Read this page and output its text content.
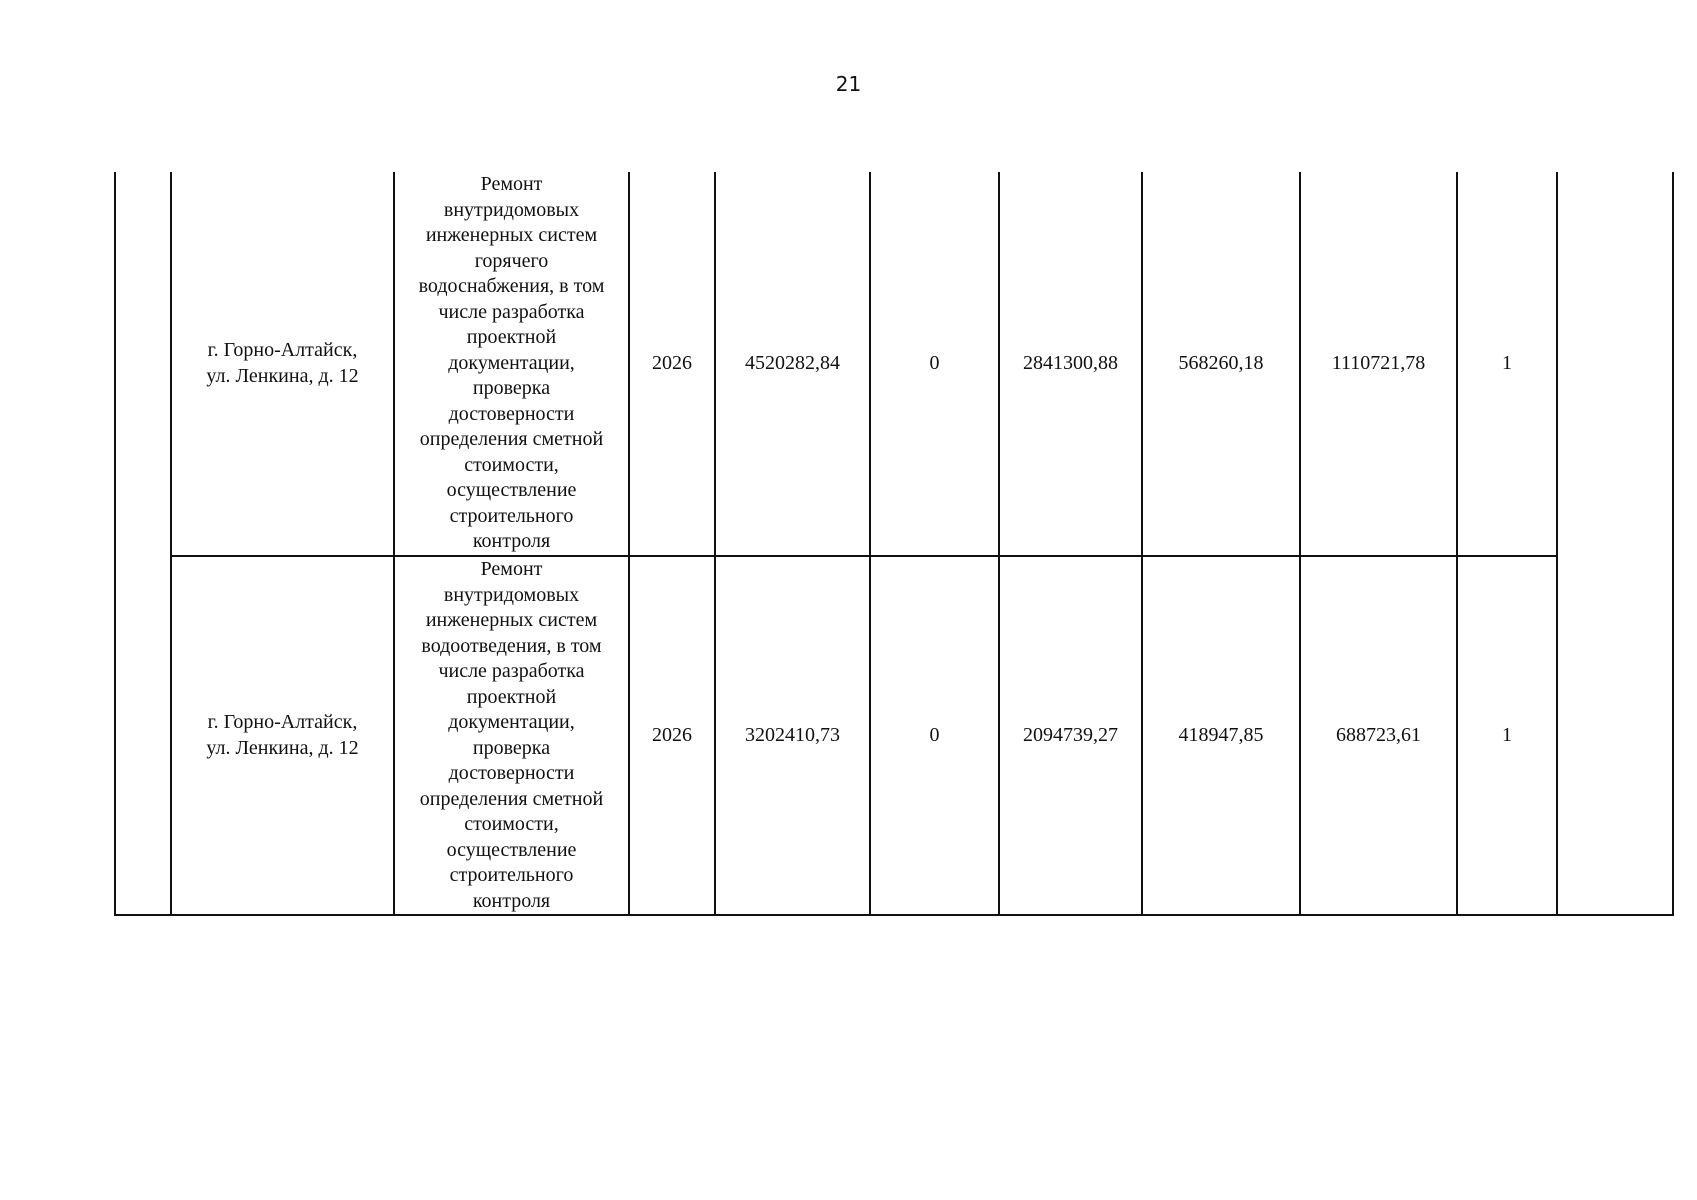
21
г. Горно-Алтайск,
ул. Ленкина, д. 12
Ремонт
внутридомовых
инженерных систем
горячего
водоснабжения, в том
числе разработка
проектной
документации,
проверка
достоверности
определения сметной
стоимости,
осуществление
строительного
контроля
2026	4520282,84	0	2841300,88	568260,18	1110721,78	1
г. Горно-Алтайск,
ул. Ленкина, д. 12
Ремонт
внутридомовых
инженерных систем
водоотведения, в том
числе разработка
проектной
документации,
проверка
достоверности
определения сметной
стоимости,
осуществление
строительного
контроля
2026	3202410,73	0	2094739,27	418947,85	688723,61	1
